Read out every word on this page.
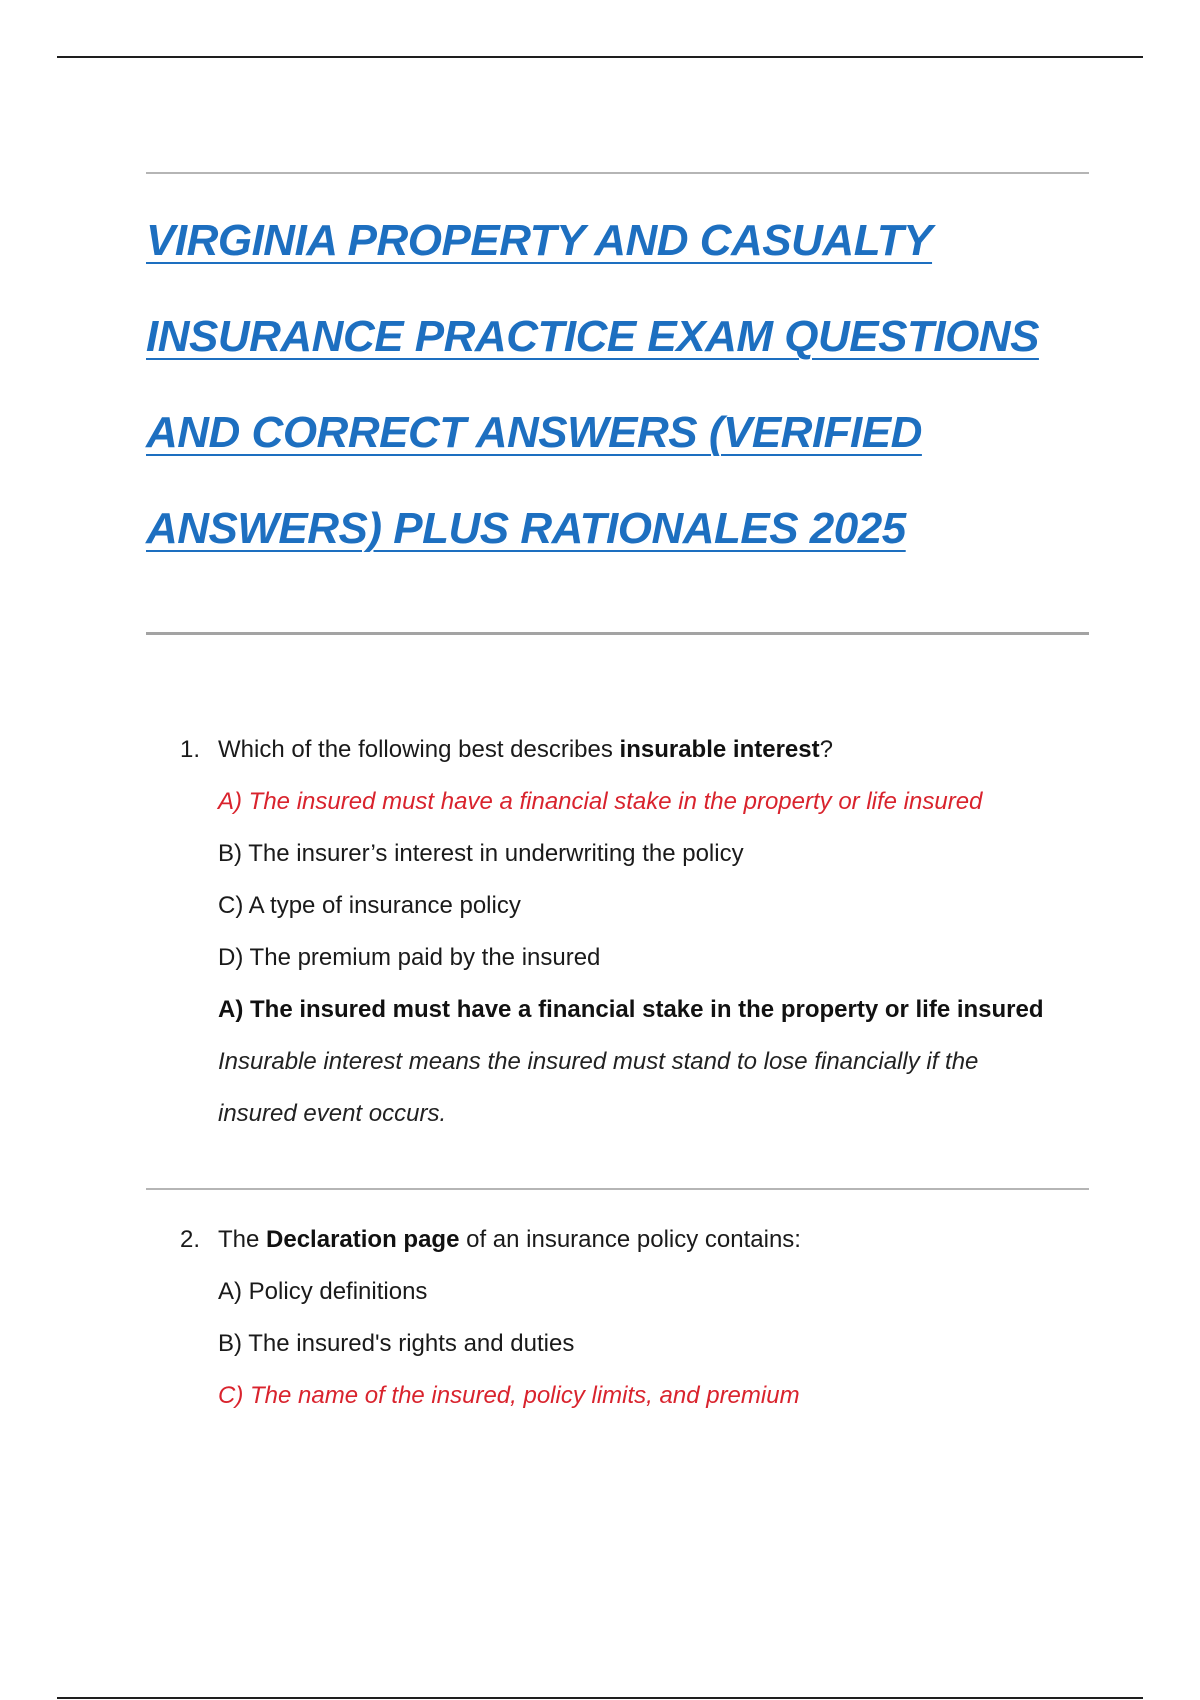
VIRGINIA PROPERTY AND CASUALTY
INSURANCE PRACTICE EXAM QUESTIONS
AND CORRECT ANSWERS (VERIFIED
ANSWERS) PLUS RATIONALES 2025
1. Which of the following best describes insurable interest?
A) The insured must have a financial stake in the property or life insured
B) The insurer’s interest in underwriting the policy
C) A type of insurance policy
D) The premium paid by the insured
A) The insured must have a financial stake in the property or life insured
Insurable interest means the insured must stand to lose financially if the insured event occurs.
2. The Declaration page of an insurance policy contains:
A) Policy definitions
B) The insured's rights and duties
C) The name of the insured, policy limits, and premium
